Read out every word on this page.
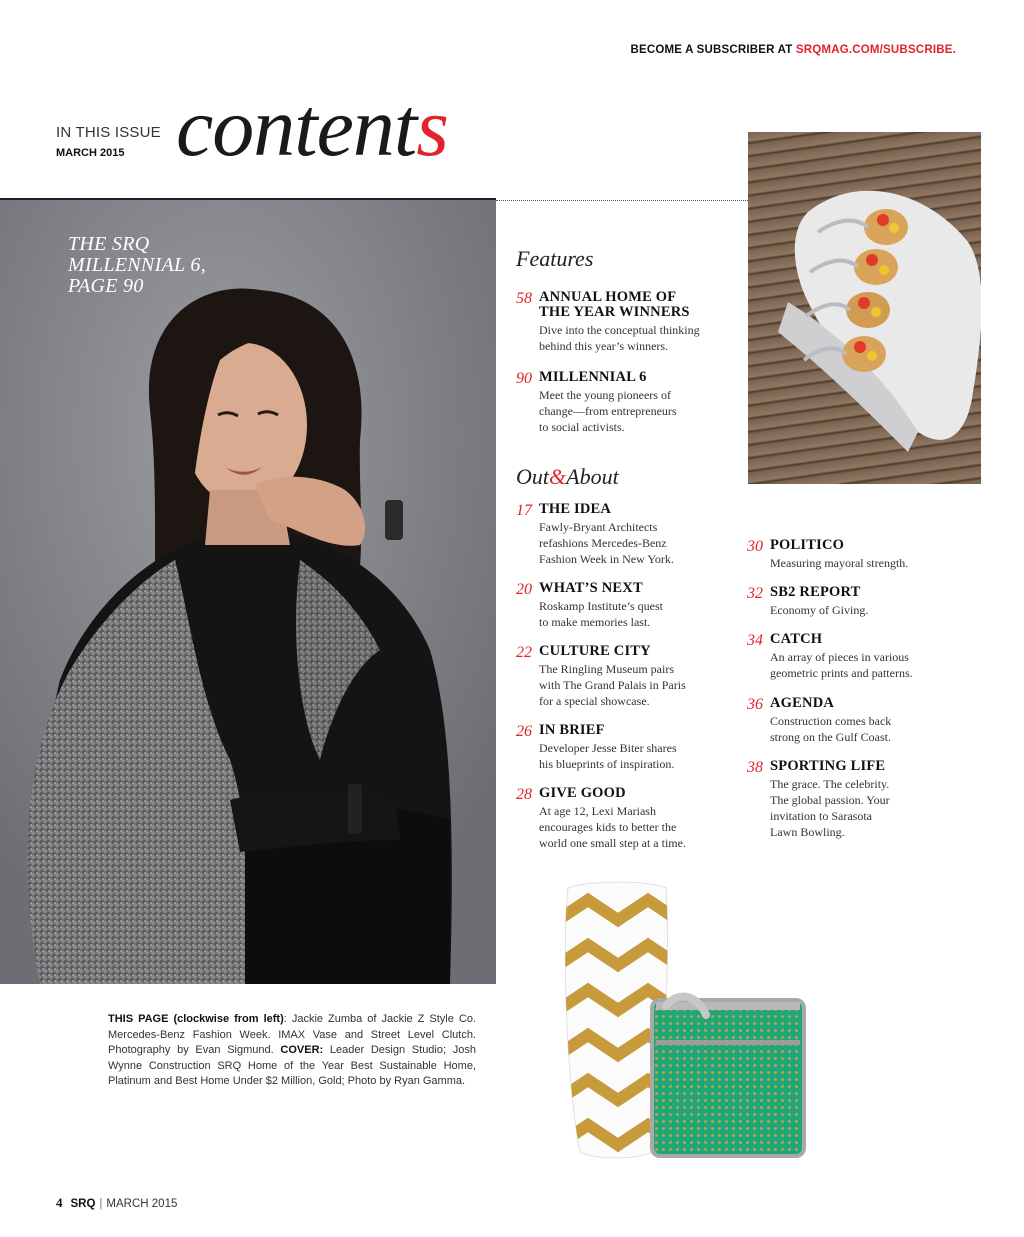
BECOME A SUBSCRIBER AT SRQMAG.COM/SUBSCRIBE.
IN THIS ISSUE
MARCH 2015 contents
THE SRQ
MILLENNIAL 6,
PAGE 90
Features
58 ANNUAL HOME OF
THE YEAR WINNERS
Dive into the conceptual thinking
behind this year’s winners.
90 MILLENNIAL 6
Meet the young pioneers of
change—from entrepreneurs
to social activists.
Out&About
17 THE IDEA
Fawly-Bryant Architects
refashions Mercedes-Benz
Fashion Week in New York.
20 WHAT’S NEXT
Roskamp Institute’s quest
to make memories last.
22 CULTURE CITY
The Ringling Museum pairs
with The Grand Palais in Paris
for a special showcase.
26 IN BRIEF
Developer Jesse Biter shares
his blueprints of inspiration.
28 GIVE GOOD
At age 12, Lexi Mariash
encourages kids to better the
world one small step at a time.
30 POLITICO
Measuring mayoral strength.
32 SB2 REPORT
Economy of Giving.
34 CATCH
An array of pieces in various
geometric prints and patterns.
36 AGENDA
Construction comes back
strong on the Gulf Coast.
38 SPORTING LIFE
The grace. The celebrity.
The global passion. Your
invitation to Sarasota
Lawn Bowling.
THIS PAGE (clockwise from left): Jackie Zumba of Jackie Z Style Co. Mercedes-Benz Fashion Week. IMAX Vase and Street Level Clutch. Photography by Evan Sigmund. COVER: Leader Design Studio; Josh Wynne Construction SRQ Home of the Year Best Sustainable Home, Platinum and Best Home Under $2 Million, Gold; Photo by Ryan Gamma.
4 SRQ | MARCH 2015
